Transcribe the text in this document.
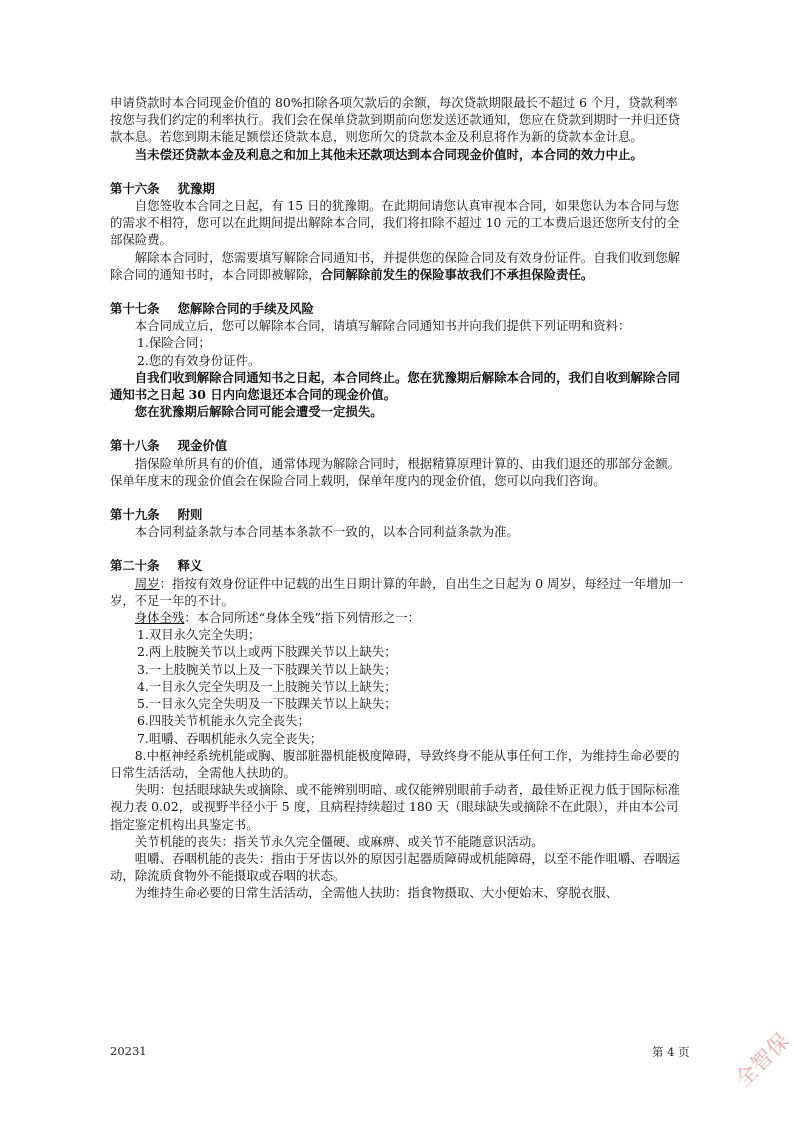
申请贷款时本合同现金价值的 80%扣除各项欠款后的余额，每次贷款期限最长不超过 6 个月，贷款利率按您与我们约定的利率执行。我们会在保单贷款到期前向您发送还款通知，您应在贷款到期时一并归还贷款本息。若您到期未能足额偿还贷款本息，则您所欠的贷款本金及利息将作为新的贷款本金计息。

当未偿还贷款本金及利息之和加上其他未还款项达到本合同现金价值时，本合同的效力中止。

第十六条 犹豫期

自您签收本合同之日起，有 15 日的犹豫期。在此期间请您认真审视本合同，如果您认为本合同与您的需求不相符，您可以在此期间提出解除本合同，我们将扣除不超过 10 元的工本费后退还您所支付的全部保险费。

解除本合同时，您需要填写解除合同通知书，并提供您的保险合同及有效身份证件。自我们收到您解除合同的通知书时，本合同即被解除，合同解除前发生的保险事故我们不承担保险责任。

第十七条 您解除合同的手续及风险

本合同成立后，您可以解除本合同，请填写解除合同通知书并向我们提供下列证明和资料：

1.保险合同；

2.您的有效身份证件。

自我们收到解除合同通知书之日起，本合同终止。您在犹豫期后解除本合同的，我们自收到解除合同通知书之日起 30 日内向您退还本合同的现金价值。

您在犹豫期后解除合同可能会遭受一定损失。

第十八条 现金价值

指保险单所具有的价值，通常体现为解除合同时，根据精算原理计算的、由我们退还的那部分金额。保单年度末的现金价值会在保险合同上载明，保单年度内的现金价值，您可以向我们咨询。

第十九条 附则

本合同利益条款与本合同基本条款不一致的，以本合同利益条款为准。

第二十条 释义

周岁：指按有效身份证件中记载的出生日期计算的年龄，自出生之日起为 0 周岁，每经过一年增加一岁，不足一年的不计。

身体全残：本合同所述“身体全残”指下列情形之一：

1.双目永久完全失明；

2.两上肢腕关节以上或两下肢踝关节以上缺失；

3.一上肢腕关节以上及一下肢踝关节以上缺失；

4.一目永久完全失明及一上肢腕关节以上缺失；

5.一目永久完全失明及一下肢踝关节以上缺失；

6.四肢关节机能永久完全丧失；

7.咀嚼、吞咽机能永久完全丧失；

8.中枢神经系统机能或胸、腹部脏器机能极度障碍，导致终身不能从事任何工作，为维持生命必要的日常生活活动，全需他人扶助的。

失明：包括眼球缺失或摘除、或不能辨别明暗、或仅能辨别眼前手动者，最佳矫正视力低于国际标准视力表 0.02，或视野半径小于 5 度，且病程持续超过 180 天（眼球缺失或摘除不在此限），并由本公司指定鉴定机构出具鉴定书。

关节机能的丧失：指关节永久完全僵硬、或麻痹、或关节不能随意识活动。

咀嚼、吞咽机能的丧失：指由于牙齿以外的原因引起器质障碍或机能障碍，以至不能作咀嚼、吞咽运动，除流质食物外不能摄取或吞咽的状态。

为维持生命必要的日常生活活动，全需他人扶助：指食物摄取、大小便始末、穿脱衣服、

20231	第 4 页 全智保
